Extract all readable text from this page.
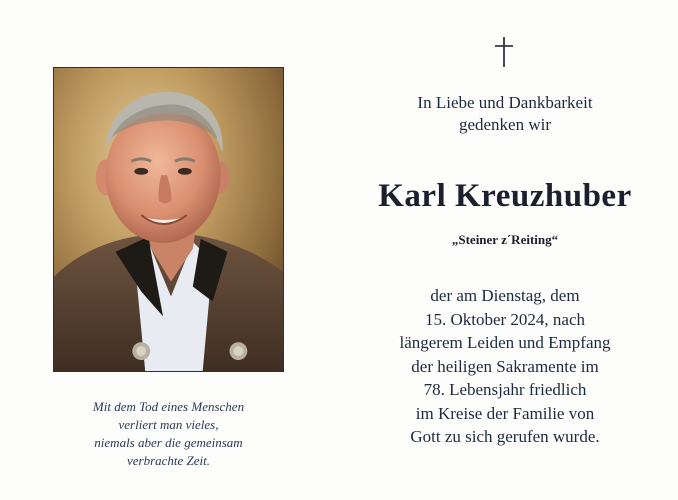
Mit dem Tod eines Menschen
verliert man vieles,
niemals aber die gemeinsam
verbrachte Zeit.
In Liebe und Dankbarkeit
gedenken wir
Karl Kreuzhuber
„Steiner z´Reiting“
der am Dienstag, dem
15. Oktober 2024, nach
längerem Leiden und Empfang
der heiligen Sakramente im
78. Lebensjahr friedlich
im Kreise der Familie von
Gott zu sich gerufen wurde.
